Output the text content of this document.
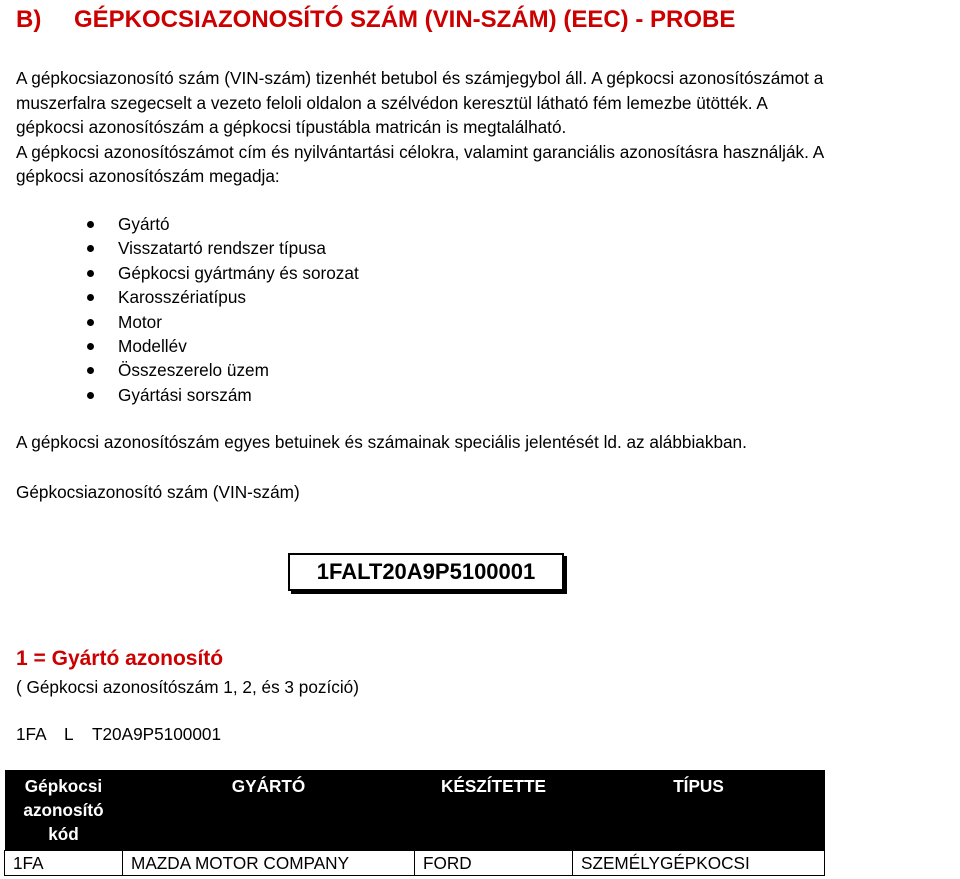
B) GÉPKOCSIAZONOSÍTÓ SZÁM (VIN-SZÁM) (EEC) - PROBE

A gépkocsiazonosító szám (VIN-szám) tizenhét betubol és számjegybol áll. A gépkocsi azonosítószámot a
muszerfalra szegecselt a vezeto feloli oldalon a szélvédon keresztül látható fém lemezbe ütötték. A
gépkocsi azonosítószám a gépkocsi típustábla matricán is megtalálható.
A gépkocsi azonosítószámot cím és nyilvántartási célokra, valamint garanciális azonosításra használják. A
gépkocsi azonosítószám megadja:

Gyártó
Visszatartó rendszer típusa
Gépkocsi gyártmány és sorozat
Karosszériatípus
Motor
Modellév
Összeszerelo üzem
Gyártási sorszám

A gépkocsi azonosítószám egyes betuinek és számainak speciális jelentését ld. az alábbiakban.

Gépkocsiazonosító szám (VIN-szám)

1FALT20A9P5100001
1 = Gyártó azonosító

( Gépkocsi azonosítószám 1, 2, és 3 pozíció)

1FA L T20A9P5100001

Gépkocsi azonosító kód	GYÁRTÓ	KÉSZÍTETTE	TÍPUS
1FA	MAZDA MOTOR COMPANY	FORD	SZEMÉLYGÉPKOCSI
